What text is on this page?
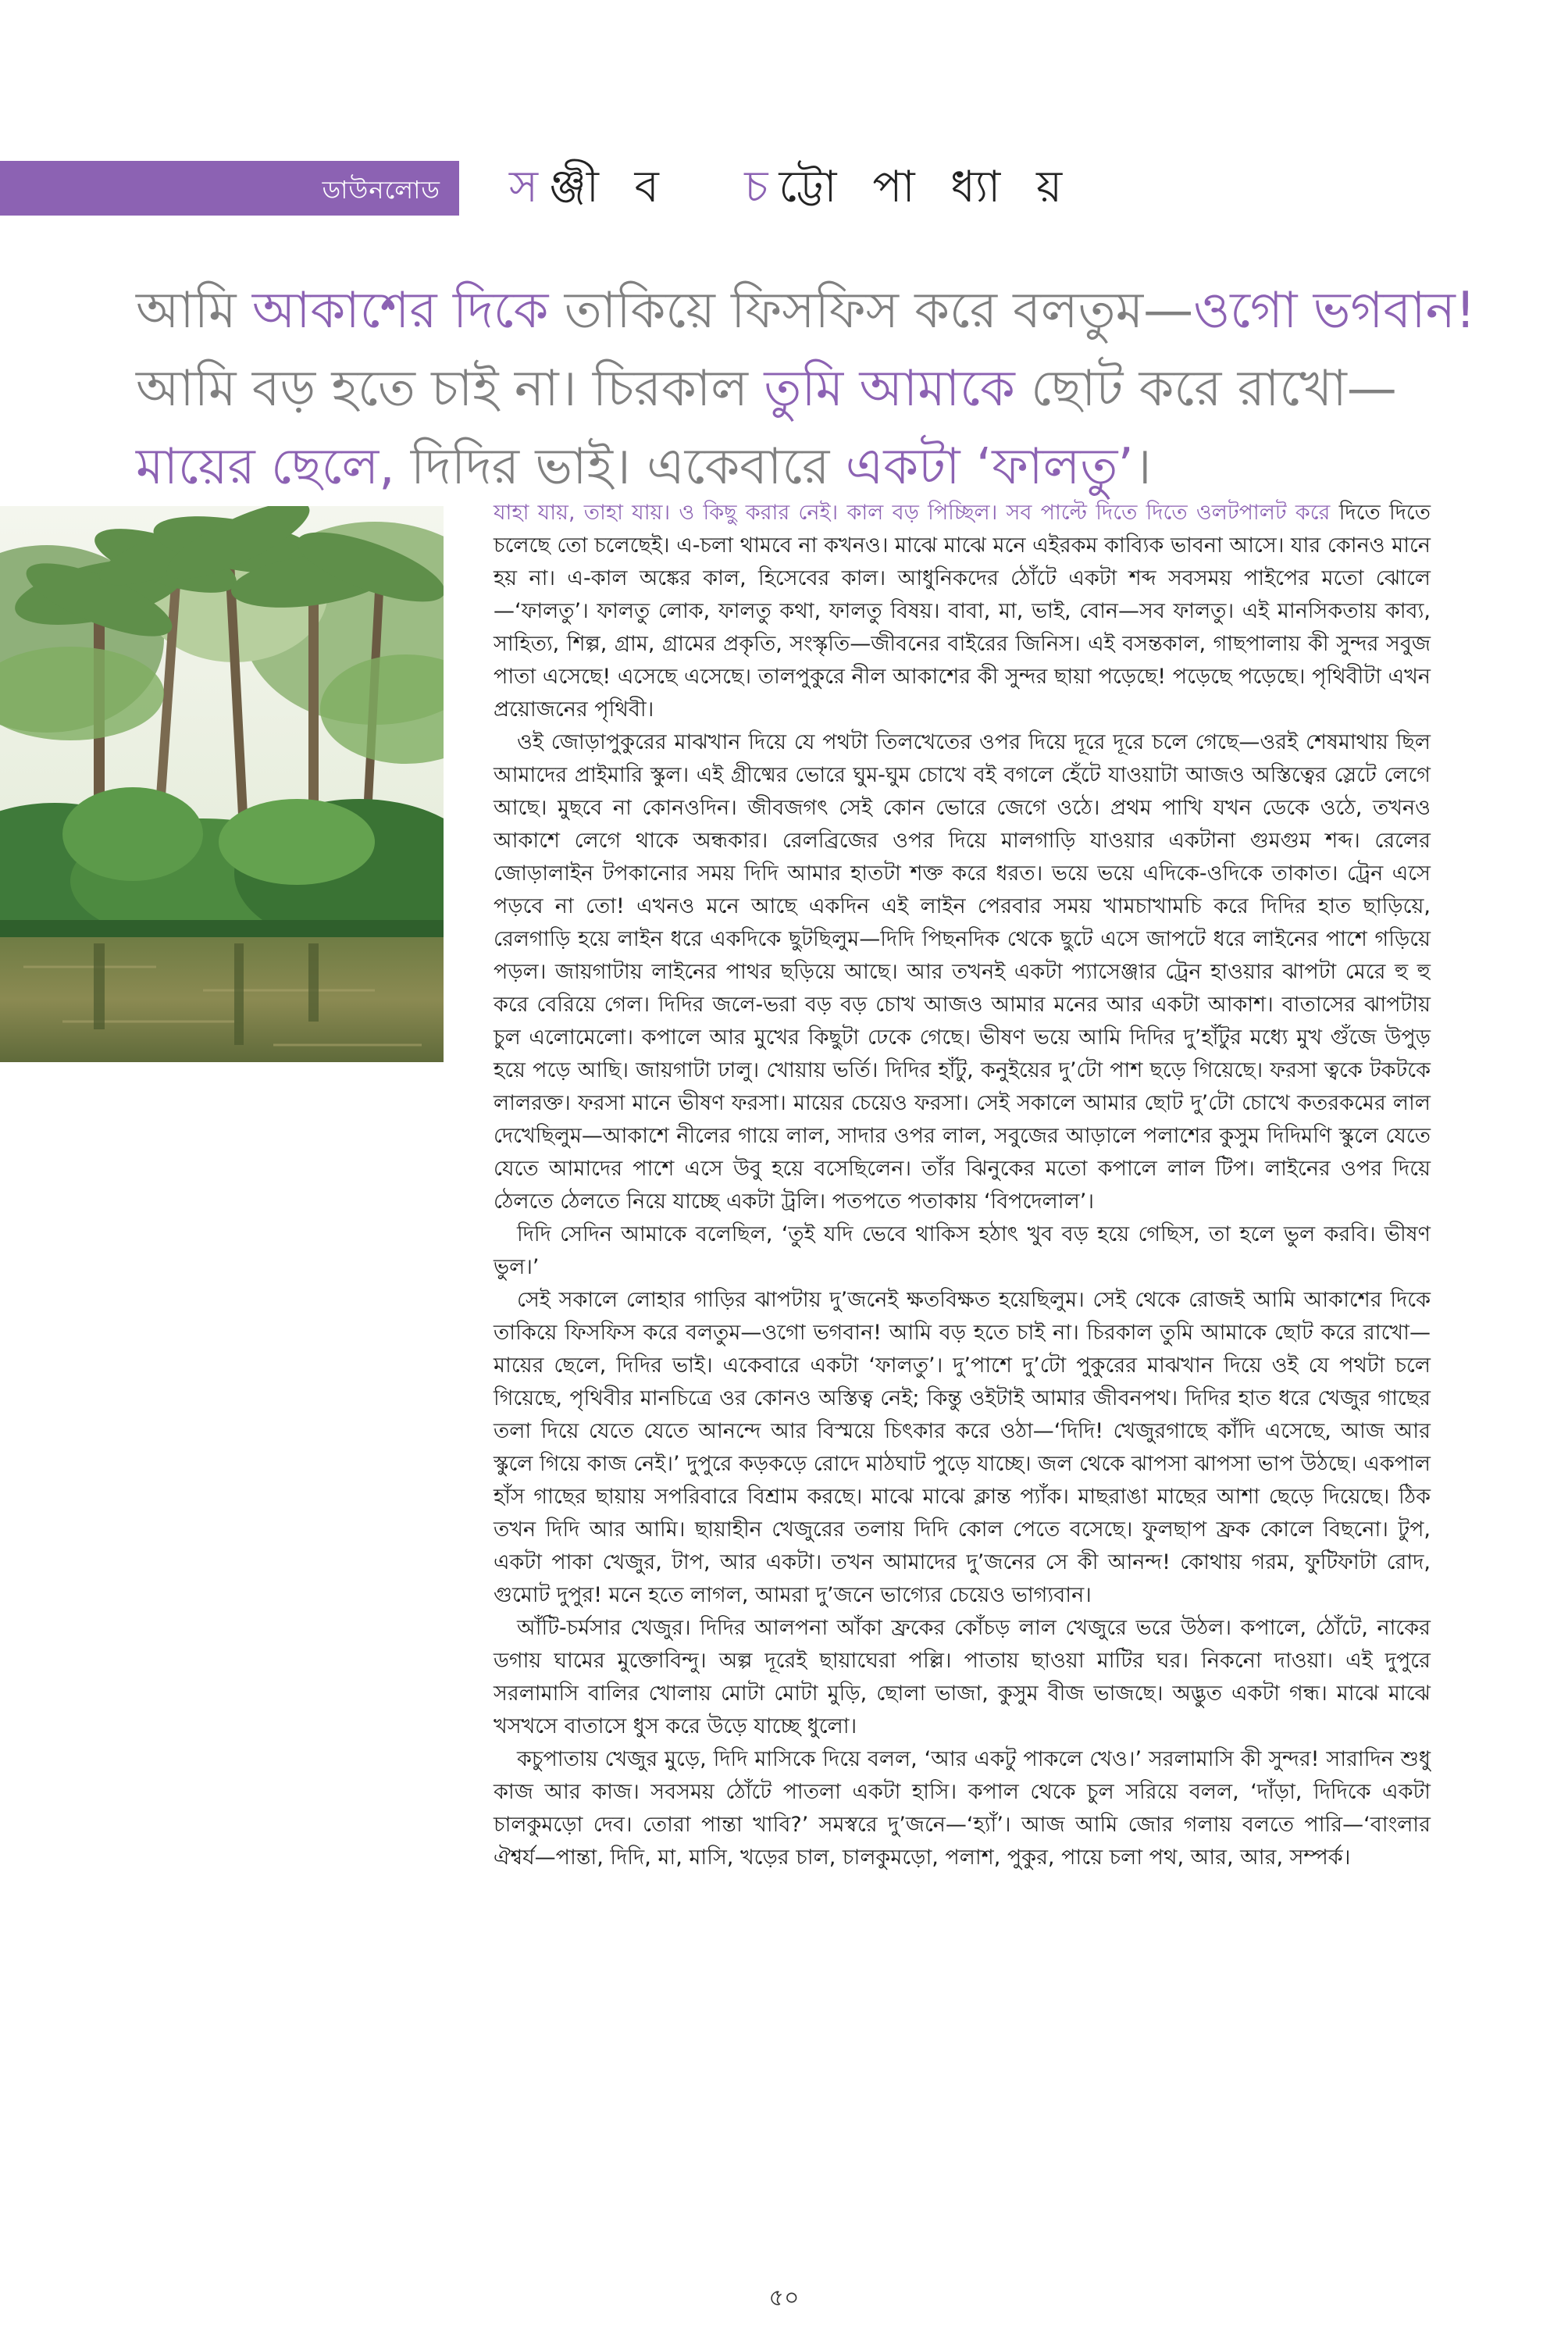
ডাউনলোড সঞ্জী ব চট্টো পা ধ্যা য়
আমি আকাশের দিকে তাকিয়ে ফিসফিস করে বলতুম—ওগো ভগবান!
আমি বড় হতে চাই না। চিরকাল তুমি আমাকে ছোট করে রাখো—
মায়ের ছেলে, দিদির ভাই। একেবারে একটা ‘ফালতু’।

যাহা যায়, তাহা যায়। ও কিছু করার নেই। কাল বড় পিচ্ছিল। সব পাল্টে দিতে দিতে ওলটপালট করে দিতে দিতে চলেছে তো চলেছেই। এ-চলা থামবে না কখনও। মাঝে মাঝে মনে এইরকম কাব্যিক ভাবনা আসে। যার কোনও মানে হয় না। এ-কাল অঙ্কের কাল, হিসেবের কাল। আধুনিকদের ঠোঁটে একটা শব্দ সবসময় পাইপের মতো ঝোলে—‘ফালতু’। ফালতু লোক, ফালতু কথা, ফালতু বিষয়। বাবা, মা, ভাই, বোন—সব ফালতু। এই মানসিকতায় কাব্য, সাহিত্য, শিল্প, গ্রাম, গ্রামের প্রকৃতি, সংস্কৃতি—জীবনের বাইরের জিনিস। এই বসন্তকাল, গাছপালায় কী সুন্দর সবুজ পাতা এসেছে! এসেছে এসেছে। তালপুকুরে নীল আকাশের কী সুন্দর ছায়া পড়েছে! পড়েছে পড়েছে। পৃথিবীটা এখন প্রয়োজনের পৃথিবী।

ওই জোড়াপুকুরের মাঝখান দিয়ে যে পথটা তিলখেতের ওপর দিয়ে দূরে দূরে চলে গেছে—ওরই শেষমাথায় ছিল আমাদের প্রাইমারি স্কুল। এই গ্রীষ্মের ভোরে ঘুম-ঘুম চোখে বই বগলে হেঁটে যাওয়াটা আজও অস্তিত্বের স্লেটে লেগে আছে। মুছবে না কোনওদিন। জীবজগৎ সেই কোন ভোরে জেগে ওঠে। প্রথম পাখি যখন ডেকে ওঠে, তখনও আকাশে লেগে থাকে অন্ধকার। রেলব্রিজের ওপর দিয়ে মালগাড়ি যাওয়ার একটানা গুমগুম শব্দ। রেলের জোড়ালাইন টপকানোর সময় দিদি আমার হাতটা শক্ত করে ধরত। ভয়ে ভয়ে এদিকে-ওদিকে তাকাত। ট্রেন এসে পড়বে না তো! এখনও মনে আছে একদিন এই লাইন পেরবার সময় খামচাখামচি করে দিদির হাত ছাড়িয়ে, রেলগাড়ি হয়ে লাইন ধরে একদিকে ছুটছিলুম—দিদি পিছনদিক থেকে ছুটে এসে জাপটে ধরে লাইনের পাশে গড়িয়ে পড়ল। জায়গাটায় লাইনের পাথর ছড়িয়ে আছে। আর তখনই একটা প্যাসেঞ্জার ট্রেন হাওয়ার ঝাপটা মেরে হু হু করে বেরিয়ে গেল। দিদির জলে-ভরা বড় বড় চোখ আজও আমার মনের আর একটা আকাশ। বাতাসের ঝাপটায় চুল এলোমেলো। কপালে আর মুখের কিছুটা ঢেকে গেছে। ভীষণ ভয়ে আমি দিদির দু’হাঁটুর মধ্যে মুখ গুঁজে উপুড় হয়ে পড়ে আছি। জায়গাটা ঢালু। খোয়ায় ভর্তি। দিদির হাঁটু, কনুইয়ের দু’টো পাশ ছড়ে গিয়েছে। ফরসা ত্বকে টকটকে লালরক্ত। ফরসা মানে ভীষণ ফরসা। মায়ের চেয়েও ফরসা। সেই সকালে আমার ছোট দু’টো চোখে কতরকমের লাল দেখেছিলুম—আকাশে নীলের গায়ে লাল, সাদার ওপর লাল, সবুজের আড়ালে পলাশের কুসুম দিদিমণি স্কুলে যেতে যেতে আমাদের পাশে এসে উবু হয়ে বসেছিলেন। তাঁর ঝিনুকের মতো কপালে লাল টিপ। লাইনের ওপর দিয়ে ঠেলতে ঠেলতে নিয়ে যাচ্ছে একটা ট্রলি। পতপতে পতাকায় ‘বিপদেলাল’।

দিদি সেদিন আমাকে বলেছিল, ‘তুই যদি ভেবে থাকিস হঠাৎ খুব বড় হয়ে গেছিস, তা হলে ভুল করবি। ভীষণ ভুল।’

সেই সকালে লোহার গাড়ির ঝাপটায় দু’জনেই ক্ষতবিক্ষত হয়েছিলুম। সেই থেকে রোজই আমি আকাশের দিকে তাকিয়ে ফিসফিস করে বলতুম—ওগো ভগবান! আমি বড় হতে চাই না। চিরকাল তুমি আমাকে ছোট করে রাখো—মায়ের ছেলে, দিদির ভাই। একেবারে একটা ‘ফালতু’। দু’পাশে দু’টো পুকুরের মাঝখান দিয়ে ওই যে পথটা চলে গিয়েছে, পৃথিবীর মানচিত্রে ওর কোনও অস্তিত্ব নেই; কিন্তু ওইটাই আমার জীবনপথ। দিদির হাত ধরে খেজুর গাছের তলা দিয়ে যেতে যেতে আনন্দে আর বিস্ময়ে চিৎকার করে ওঠা—‘দিদি! খেজুরগাছে কাঁদি এসেছে, আজ আর স্কুলে গিয়ে কাজ নেই।’ দুপুরে কড়কড়ে রোদে মাঠঘাট পুড়ে যাচ্ছে। জল থেকে ঝাপসা ঝাপসা ভাপ উঠছে। একপাল হাঁস গাছের ছায়ায় সপরিবারে বিশ্রাম করছে। মাঝে মাঝে ক্লান্ত প্যাঁক। মাছরাঙা মাছের আশা ছেড়ে দিয়েছে। ঠিক তখন দিদি আর আমি। ছায়াহীন খেজুরের তলায় দিদি কোল পেতে বসেছে। ফুলছাপ ফ্রক কোলে বিছনো। টুপ, একটা পাকা খেজুর, টাপ, আর একটা। তখন আমাদের দু’জনের সে কী আনন্দ! কোথায় গরম, ফুটিফাটা রোদ, গুমোট দুপুর! মনে হতে লাগল, আমরা দু’জনে ভাগ্যের চেয়েও ভাগ্যবান।

আঁটি-চর্মসার খেজুর। দিদির আলপনা আঁকা ফ্রকের কোঁচড় লাল খেজুরে ভরে উঠল। কপালে, ঠোঁটে, নাকের ডগায় ঘামের মুক্তোবিন্দু। অল্প দূরেই ছায়াঘেরা পল্লি। পাতায় ছাওয়া মাটির ঘর। নিকনো দাওয়া। এই দুপুরে সরলামাসি বালির খোলায় মোটা মোটা মুড়ি, ছোলা ভাজা, কুসুম বীজ ভাজছে। অদ্ভুত একটা গন্ধ। মাঝে মাঝে খসখসে বাতাসে ধুস করে উড়ে যাচ্ছে ধুলো।

কচুপাতায় খেজুর মুড়ে, দিদি মাসিকে দিয়ে বলল, ‘আর একটু পাকলে খেও।’ সরলামাসি কী সুন্দর! সারাদিন শুধু কাজ আর কাজ। সবসময় ঠোঁটে পাতলা একটা হাসি। কপাল থেকে চুল সরিয়ে বলল, ‘দাঁড়া, দিদিকে একটা চালকুমড়ো দেব। তোরা পান্তা খাবি?’ সমস্বরে দু’জনে—‘হ্যাঁ’। আজ আমি জোর গলায় বলতে পারি—‘বাংলার ঐশ্বর্য—পান্তা, দিদি, মা, মাসি, খড়ের চাল, চালকুমড়ো, পলাশ, পুকুর, পায়ে চলা পথ, আর, আর, সম্পর্ক।

৫০
